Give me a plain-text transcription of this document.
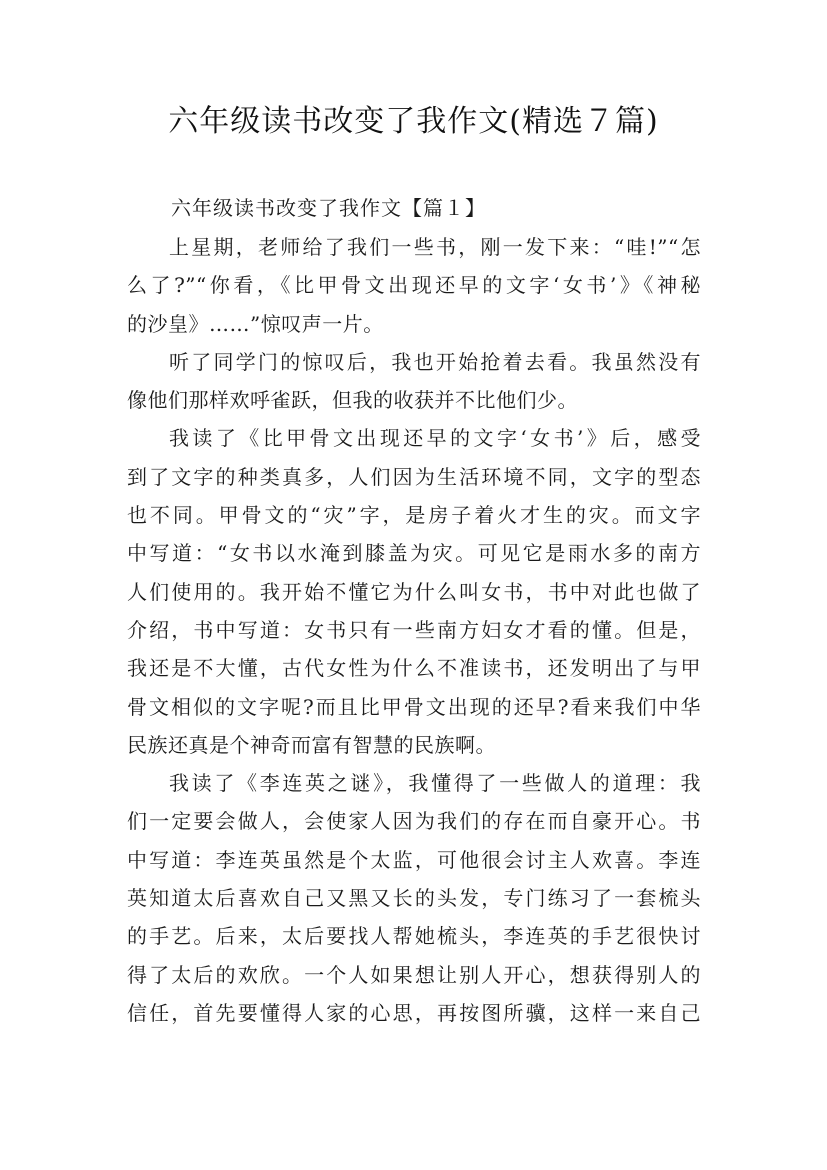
六年级读书改变了我作文(精选７篇)

六年级读书改变了我作文【篇１】

上星期，老师给了我们一些书，刚一发下来：“哇!”“怎

么了?”“你看，《比甲骨文出现还早的文字‘女书’》《神秘

的沙皇》……”惊叹声一片。

听了同学门的惊叹后，我也开始抢着去看。我虽然没有

像他们那样欢呼雀跃，但我的收获并不比他们少。

我读了《比甲骨文出现还早的文字‘女书’》后，感受

到了文字的种类真多，人们因为生活环境不同，文字的型态

也不同。甲骨文的“灾”字，是房子着火才生的灾。而文字

中写道：“女书以水淹到膝盖为灾。可见它是雨水多的南方

人们使用的。我开始不懂它为什么叫女书，书中对此也做了

介绍，书中写道：女书只有一些南方妇女才看的懂。但是，

我还是不大懂，古代女性为什么不准读书，还发明出了与甲

骨文相似的文字呢?而且比甲骨文出现的还早?看来我们中华

民族还真是个神奇而富有智慧的民族啊。

我读了《李连英之谜》，我懂得了一些做人的道理：我

们一定要会做人，会使家人因为我们的存在而自豪开心。书

中写道：李连英虽然是个太监，可他很会讨主人欢喜。李连

英知道太后喜欢自己又黑又长的头发，专门练习了一套梳头

的手艺。后来，太后要找人帮她梳头，李连英的手艺很快讨

得了太后的欢欣。一个人如果想让别人开心，想获得别人的

信任，首先要懂得人家的心思，再按图所骥，这样一来自己
